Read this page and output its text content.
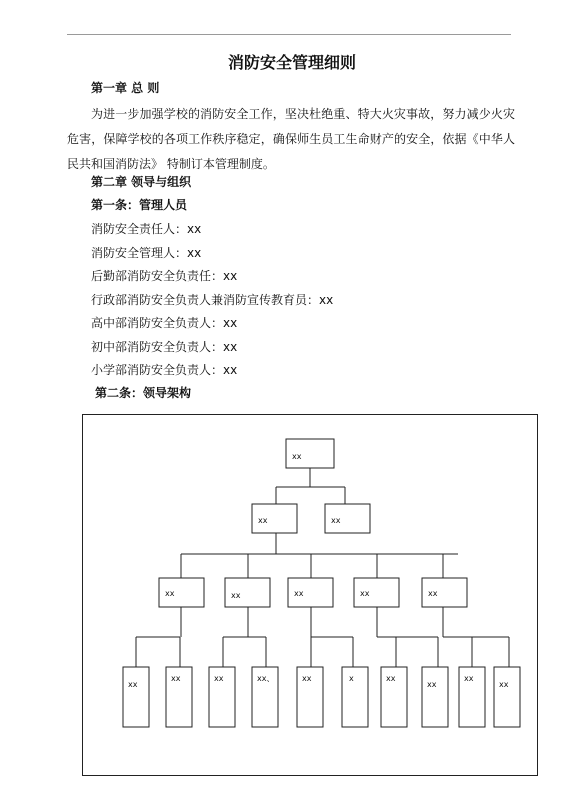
消防安全管理细则
第一章 总 则
为进一步加强学校的消防安全工作，坚决杜绝重、特大火灾事故，努力减少火灾危害，保障学校的各项工作秩序稳定，确保师生员工生命财产的安全，依据《中华人民共和国消防法》 特制订本管理制度。
第二章 领导与组织
第一条：管理人员
消防安全责任人：xx
消防安全管理人：xx
后勤部消防安全负责任：xx
行政部消防安全负责人兼消防宣传教育员：xx
高中部消防安全负责人：xx
初中部消防安全负责人：xx
小学部消防安全负责人：xx
第二条：领导架构
xx
xx	xx
xx	xx	xx	xx	xx
xx
xx	xx	xx、	xx	x	xx
xx
xx
xx
